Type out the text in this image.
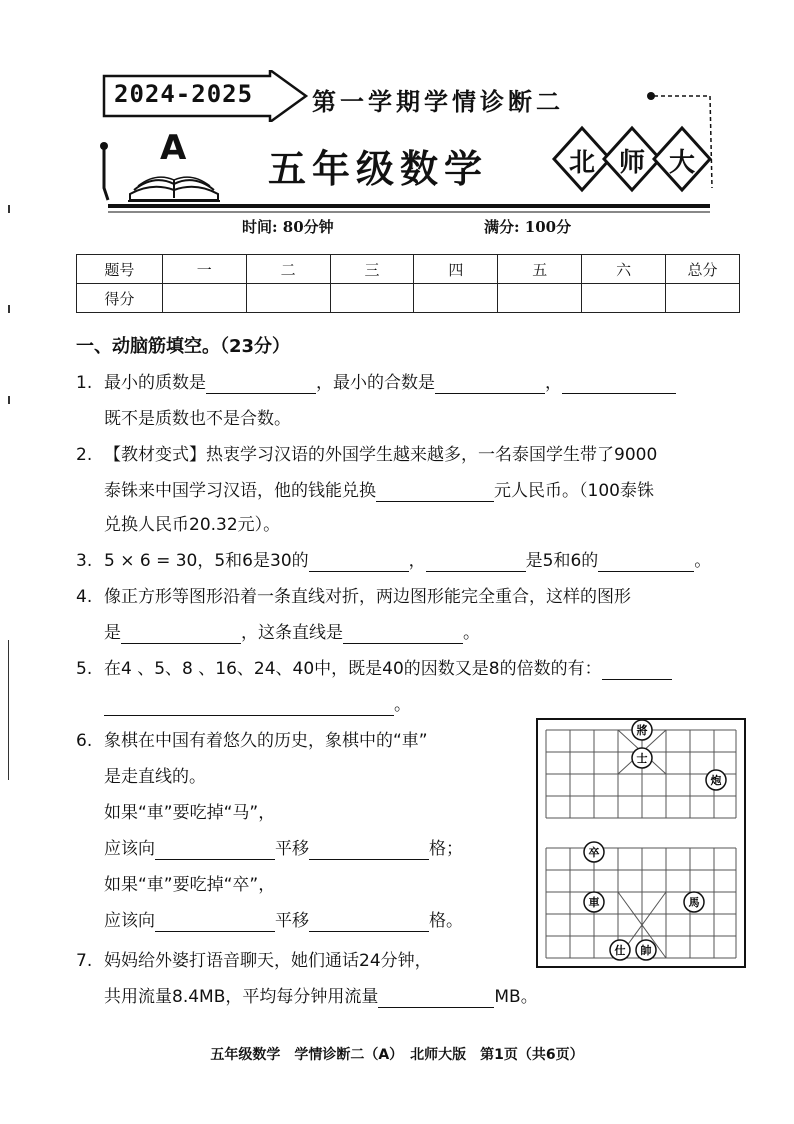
2024-2025 第一学期学情诊断二
A 五年级数学	北 师 大
时间: 80分钟	满分: 100分
题号	一	二	三	四	五	六	总分
得分							
一、动脑筋填空。（23分）
1. 最小的质数是	，最小的合数是	，
既不是质数也不是合数。
2. 【教材变式】热衷学习汉语的外国学生越来越多，一名泰国学生带了9000
泰铢来中国学习汉语，他的钱能兑换	元人民币。（100泰铢
兑换人民币20.32元）。
3. 5 × 6 = 30，5和6是30的	，	是5和6的	。
4. 像正方形等图形沿着一条直线对折，两边图形能完全重合，这样的图形
是	，这条直线是	。
5. 在4 、5、8 、16、24、40中，既是40的因数又是8的倍数的有：
。
6. 象棋在中国有着悠久的历史，象棋中的“車”
是走直线的。
如果“車”要吃掉“马”，
应该向	平移	格；
如果“車”要吃掉“卒”，
应该向	平移	格。
將
士
炮
卒
車	馬
仕 帥
7. 妈妈给外婆打语音聊天，她们通话24分钟，
共用流量8.4MB，平均每分钟用流量	MB。
五年级数学　学情诊断二（A）　北师大版　第1页（共6页）
